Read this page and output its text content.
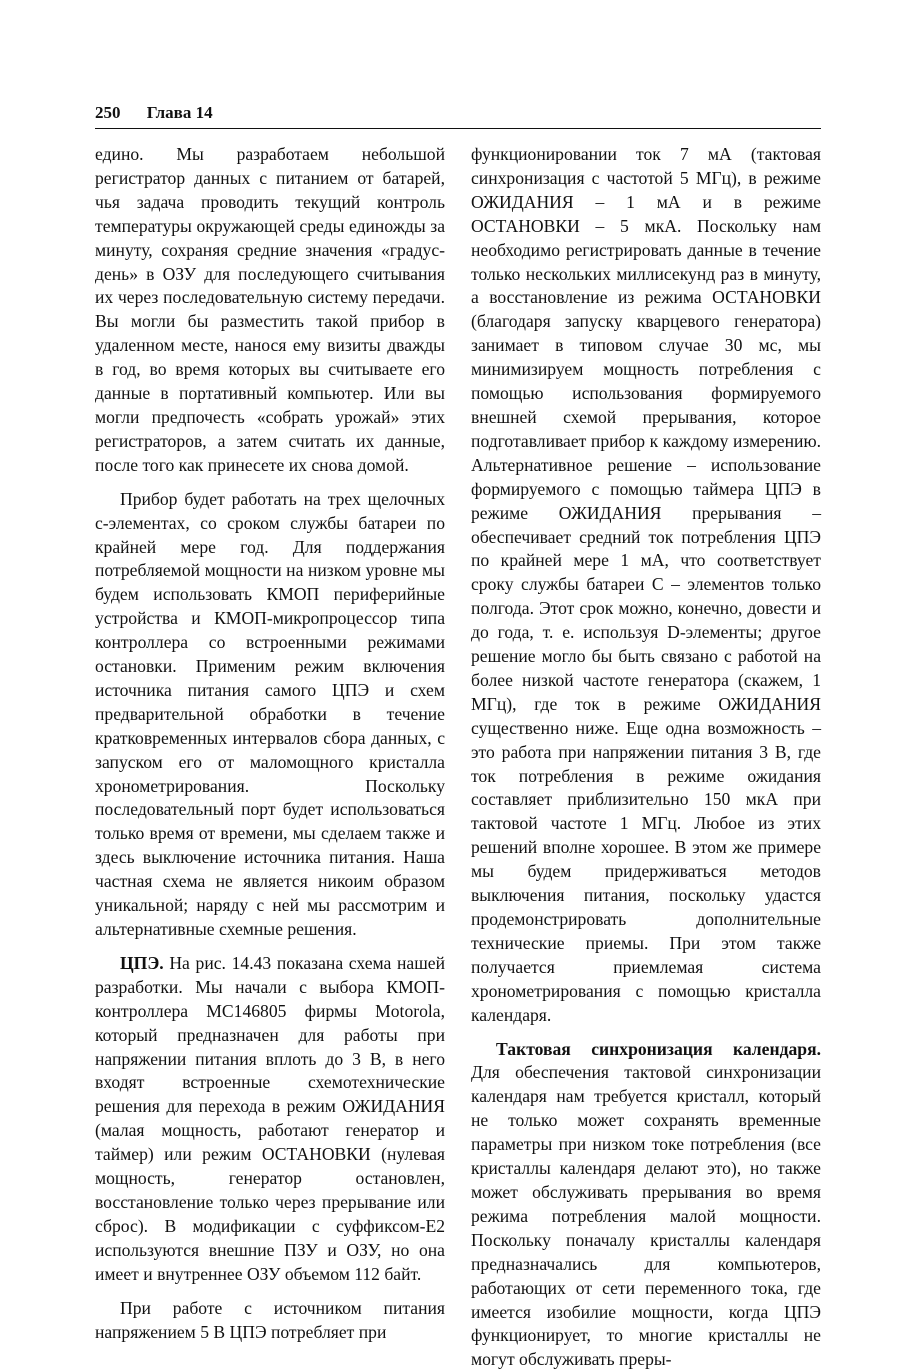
250 Глава 14

едино. Мы разработаем небольшой регистратор данных с питанием от батарей, чья задача проводить текущий контроль температуры окружающей среды единожды за минуту, сохраняя средние значения «градус-день» в ОЗУ для последующего считывания их через последовательную систему передачи. Вы могли бы разместить такой прибор в удаленном месте, нанося ему визиты дважды в год, во время которых вы считываете его данные в портативный компьютер. Или вы могли предпочесть «собрать урожай» этих регистраторов, а затем считать их данные, после того как принесете их снова домой.

Прибор будет работать на трех щелочных с-элементах, со сроком службы батареи по крайней мере год. Для поддержания потребляемой мощности на низком уровне мы будем использовать КМОП периферийные устройства и КМОП-микропроцессор типа контроллера со встроенными режимами остановки. Применим режим включения источника питания самого ЦПЭ и схем предварительной обработки в течение кратковременных интервалов сбора данных, с запуском его от маломощного кристалла хронометрирования. Поскольку последовательный порт будет использоваться только время от времени, мы сделаем также и здесь выключение источника питания. Наша частная схема не является никоим образом уникальной; наряду с ней мы рассмотрим и альтернативные схемные решения.

ЦПЭ. На рис. 14.43 показана схема нашей разработки. Мы начали с выбора КМОП-контроллера МС146805 фирмы Motorola, который предназначен для работы при напряжении питания вплоть до 3 В, в него входят встроенные схемотехнические решения для перехода в режим ОЖИДАНИЯ (малая мощность, работают генератор и таймер) или режим ОСТАНОВКИ (нулевая мощность, генератор остановлен, восстановление только через прерывание или сброс). В модификации с суффиксом-Е2 используются внешние ПЗУ и ОЗУ, но она имеет и внутреннее ОЗУ объемом 112 байт.

При работе с источником питания напряжением 5 В ЦПЭ потребляет при

функционировании ток 7 мА (тактовая синхронизация с частотой 5 МГц), в режиме ОЖИДАНИЯ – 1 мА и в режиме ОСТАНОВКИ – 5 мкА. Поскольку нам необходимо регистрировать данные в течение только нескольких миллисекунд раз в минуту, а восстановление из режима ОСТАНОВКИ (благодаря запуску кварцевого генератора) занимает в типовом случае 30 мс, мы минимизируем мощность потребления с помощью использования формируемого внешней схемой прерывания, которое подготавливает прибор к каждому измерению. Альтернативное решение – использование формируемого с помощью таймера ЦПЭ в режиме ОЖИДАНИЯ прерывания – обеспечивает средний ток потребления ЦПЭ по крайней мере 1 мА, что соответствует сроку службы батареи С – элементов только полгода. Этот срок можно, конечно, довести и до года, т. е. используя D-элементы; другое решение могло бы быть связано с работой на более низкой частоте генератора (скажем, 1 МГц), где ток в режиме ОЖИДАНИЯ существенно ниже. Еще одна возможность – это работа при напряжении питания 3 В, где ток потребления в режиме ожидания составляет приблизительно 150 мкА при тактовой частоте 1 МГц. Любое из этих решений вполне хорошее. В этом же примере мы будем придерживаться методов выключения питания, поскольку удастся продемонстрировать дополнительные технические приемы. При этом также получается приемлемая система хронометрирования с помощью кристалла календаря.

Тактовая синхронизация календаря. Для обеспечения тактовой синхронизации календаря нам требуется кристалл, который не только может сохранять временные параметры при низком токе потребления (все кристаллы календаря делают это), но также может обслуживать прерывания во время режима потребления малой мощности. Поскольку поначалу кристаллы календаря предназначались для компьютеров, работающих от сети переменного тока, где имеется изобилие мощности, когда ЦПЭ функционирует, то многие кристаллы не могут обслуживать преры-
